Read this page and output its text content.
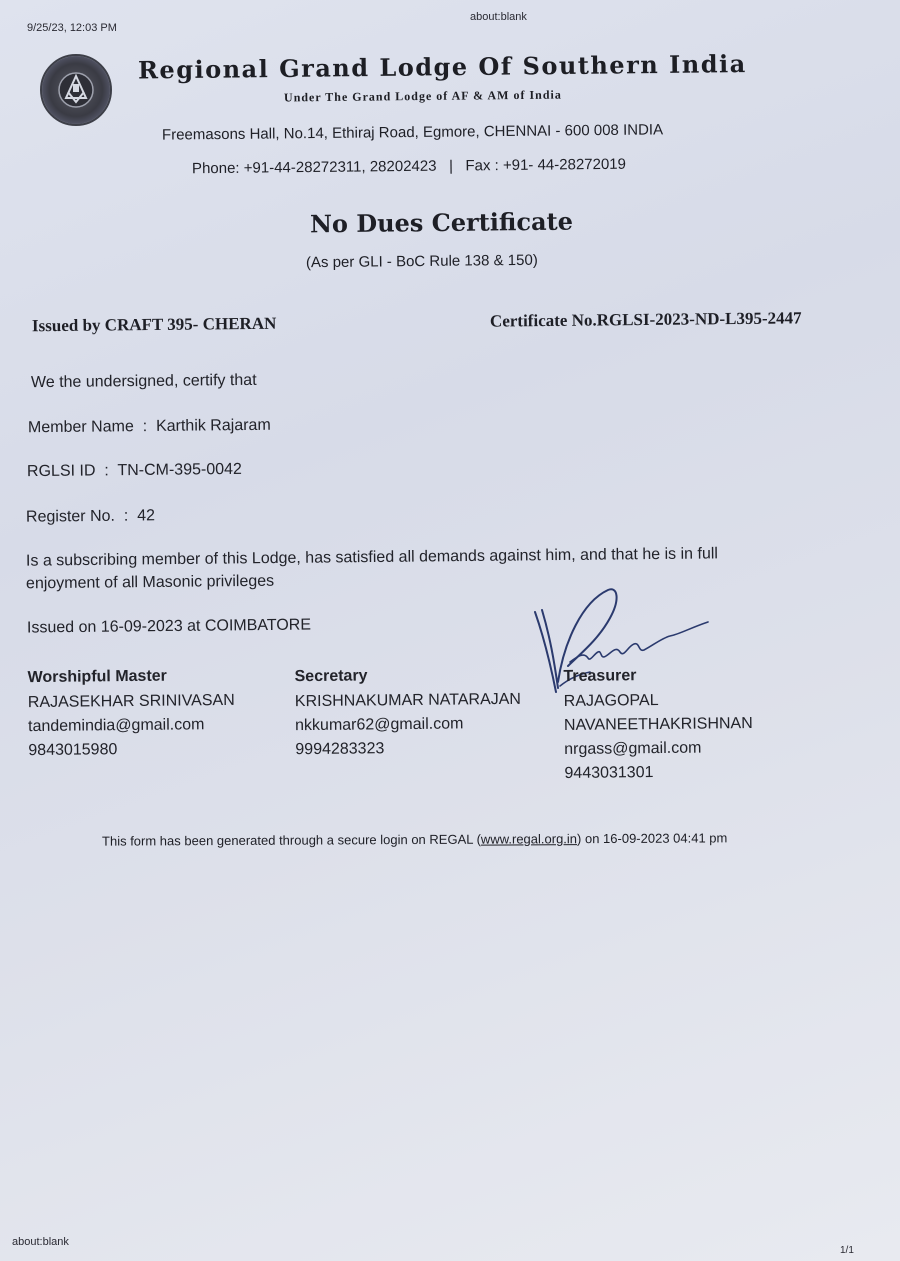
9/25/23, 12:03 PM
about:blank
Regional Grand Lodge Of Southern India
Under The Grand Lodge of AF & AM of India
Freemasons Hall, No.14, Ethiraj Road, Egmore, CHENNAI - 600 008 INDIA
Phone: +91-44-28272311, 28202423   |   Fax : +91- 44-28272019
No Dues Certificate
(As per GLI - BoC Rule 138 & 150)
Issued by CRAFT 395- CHERAN	Certificate No.RGLSI-2023-ND-L395-2447
We the undersigned, certify that
Member Name  :  Karthik Rajaram
RGLSI ID  :  TN-CM-395-0042
Register No.  :  42
Is a subscribing member of this Lodge, has satisfied all demands against him, and that he is in full
enjoyment of all Masonic privileges
Issued on 16-09-2023 at COIMBATORE
Worshipful Master
RAJASEKHAR SRINIVASAN
tandemindia@gmail.com
9843015980
Secretary
KRISHNAKUMAR NATARAJAN
nkkumar62@gmail.com
9994283323
Treasurer
RAJAGOPAL
NAVANEETHAKRISHNAN
nrgass@gmail.com
9443031301
This form has been generated through a secure login on REGAL (www.regal.org.in) on 16-09-2023 04:41 pm
about:blank
1/1
